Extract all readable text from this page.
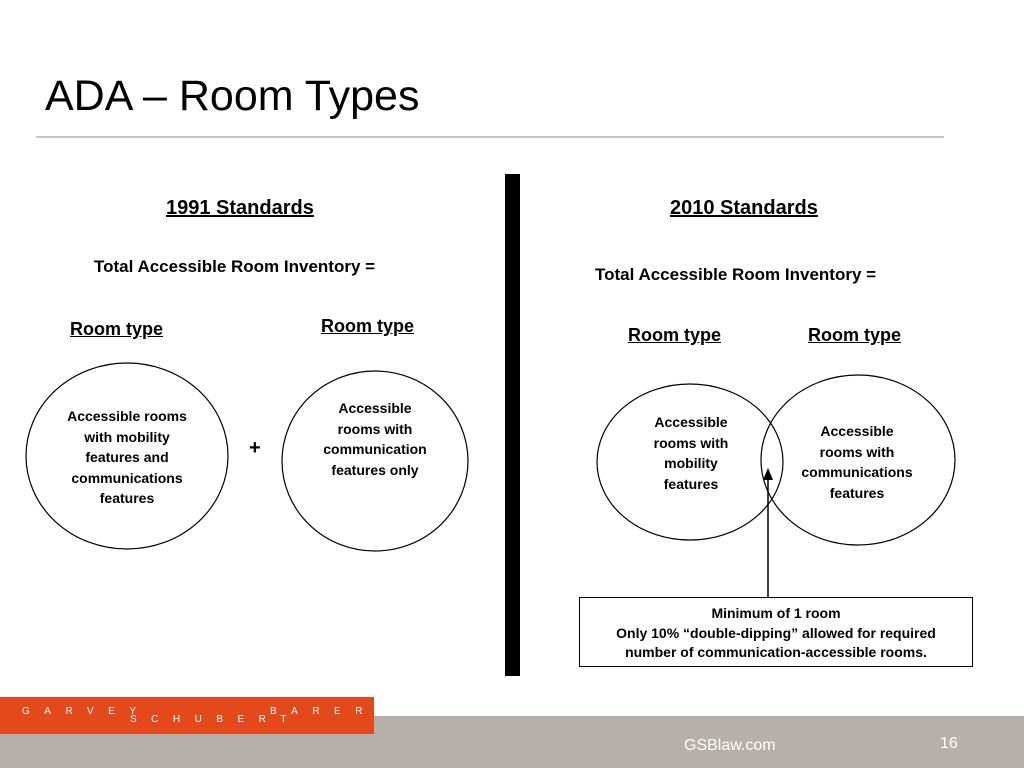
ADA – Room Types
1991 Standards
Total Accessible Room Inventory =
Room type	Room type
2010 Standards
Total Accessible Room Inventory =
Room type	Room type
Accessible rooms
with mobility
features and
communications
features
Accessible
rooms with
communication
features only
+
Accessible
rooms with
mobility
features
Accessible
rooms with
communications
features
Minimum of 1 room
Only 10% “double-dipping” allowed for required
number of communication-accessible rooms.
GARVEY
SCHUBERT
BARER
GSBlaw.com	16
